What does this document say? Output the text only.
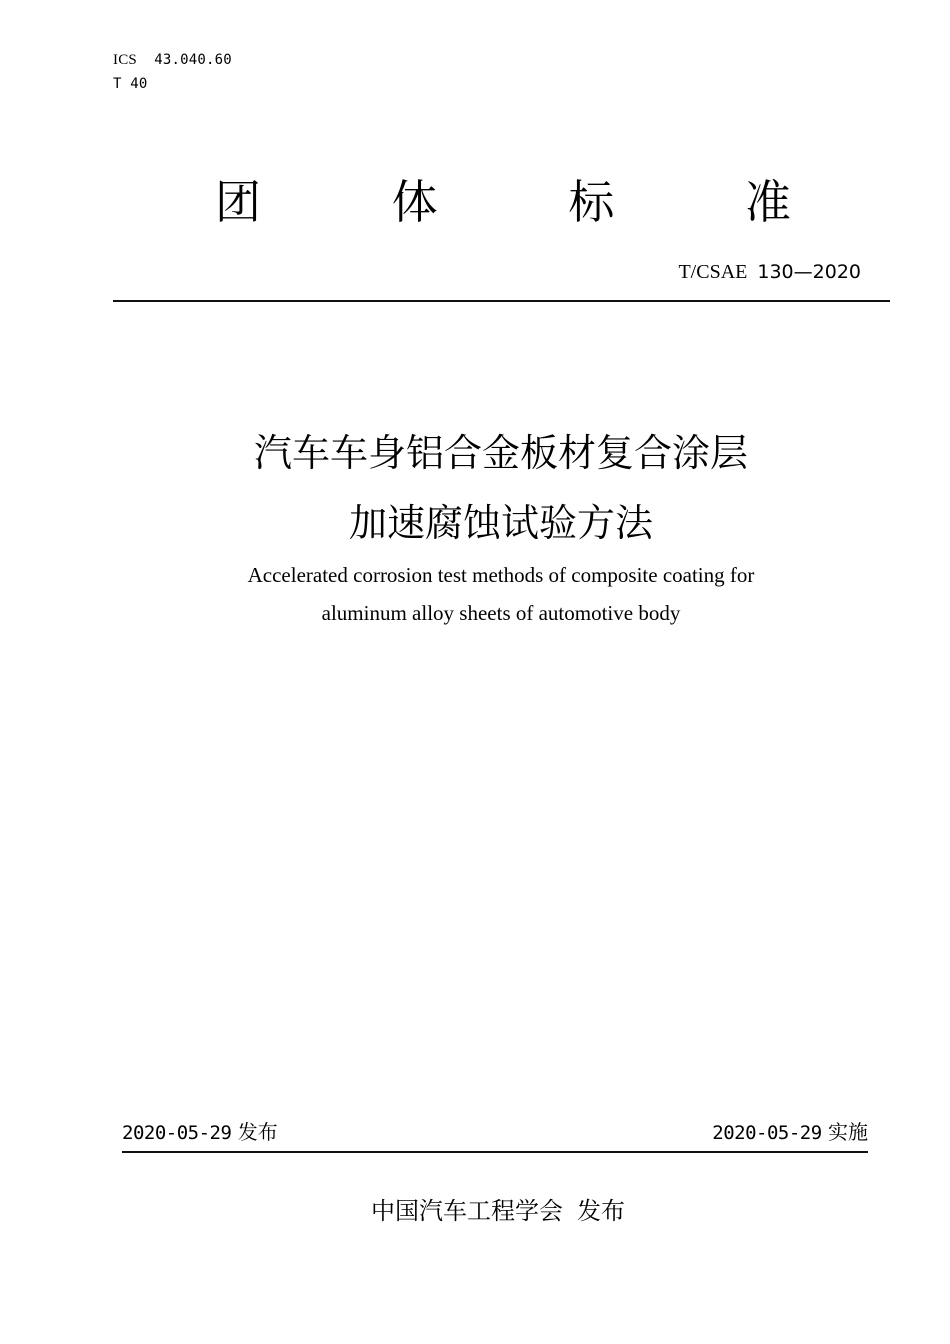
ICS 43.040.60
T 40
团	体	标	准
T/CSAE 130—2020
汽车车身铝合金板材复合涂层
加速腐蚀试验方法
Accelerated corrosion test methods of composite coating for
aluminum alloy sheets of automotive body
2020-05-29 发布	2020-05-29 实施
中国汽车工程学会 发布
